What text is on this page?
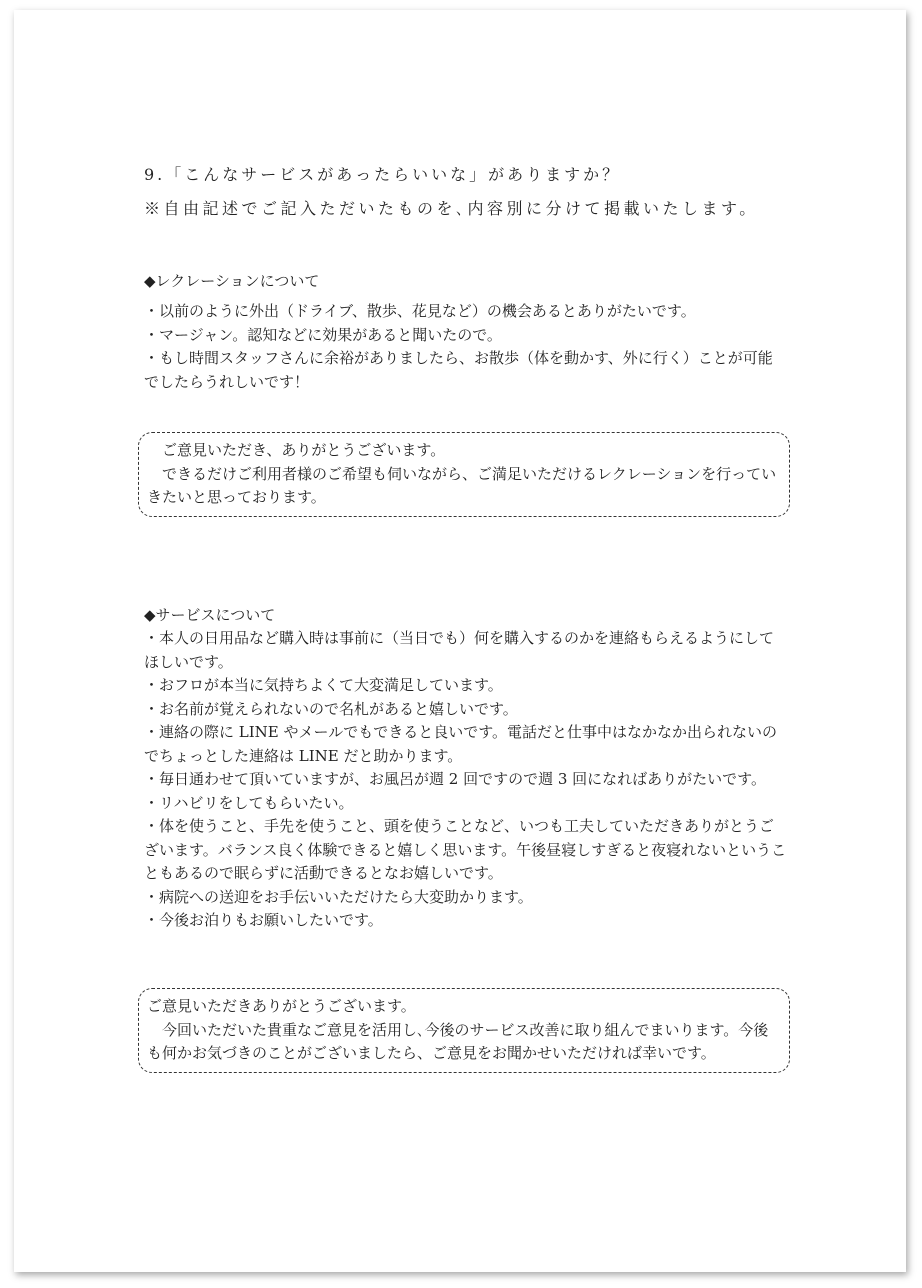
9.「こんなサービスがあったらいいな」がありますか？
※自由記述でご記入ただいたものを､内容別に分けて掲載いたします。
◆レクレーションについて
・以前のように外出（ドライブ、散歩、花見など）の機会あるとありがたいです。
・マージャン。認知などに効果があると聞いたので。
・もし時間スタッフさんに余裕がありましたら、お散歩（体を動かす、外に行く）ことが可能でしたらうれしいです！

　ご意見いただき、ありがとうございます。

　できるだけご利用者様のご希望も伺いながら、ご満足いただけるレクレーションを行っていきたいと思っております。

◆サービスについて
・本人の日用品など購入時は事前に（当日でも）何を購入するのかを連絡もらえるようにしてほしいです。
・おフロが本当に気持ちよくて大変満足しています。
・お名前が覚えられないので名札があると嬉しいです。
・連絡の際に LINE やメールでもできると良いです。電話だと仕事中はなかなか出られないのでちょっとした連絡は LINE だと助かります。
・毎日通わせて頂いていますが、お風呂が週 2 回ですので週 3 回になればありがたいです。
・リハビリをしてもらいたい。
・体を使うこと、手先を使うこと、頭を使うことなど、いつも工夫していただきありがとうございます。バランス良く体験できると嬉しく思います。午後昼寝しすぎると夜寝れないということもあるので眠らずに活動できるとなお嬉しいです。
・病院への送迎をお手伝いいただけたら大変助かります。
・今後お泊りもお願いしたいです。

ご意見いただきありがとうございます。

　今回いただいた貴重なご意見を活用し､今後のサービス改善に取り組んでまいります。今後も何かお気づきのことがございましたら、ご意見をお聞かせいただければ幸いです。
